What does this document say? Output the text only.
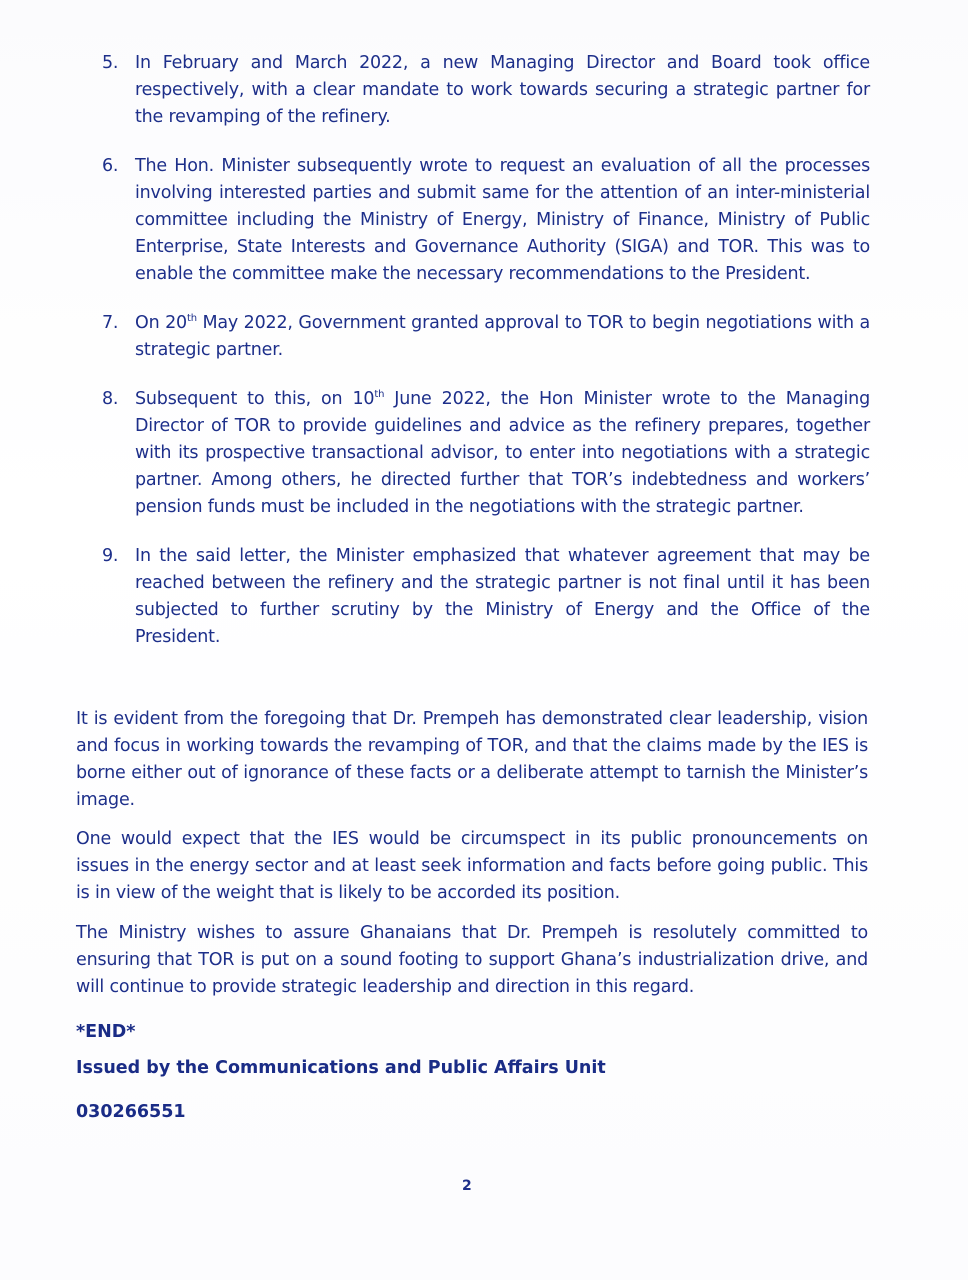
5. In February and March 2022, a new Managing Director and Board took office respectively, with a clear mandate to work towards securing a strategic partner for the revamping of the refinery.
6. The Hon. Minister subsequently wrote to request an evaluation of all the processes involving interested parties and submit same for the attention of an inter-ministerial committee including the Ministry of Energy, Ministry of Finance, Ministry of Public Enterprise, State Interests and Governance Authority (SIGA) and TOR. This was to enable the committee make the necessary recommendations to the President.
7. On 20th May 2022, Government granted approval to TOR to begin negotiations with a strategic partner.
8. Subsequent to this, on 10th June 2022, the Hon Minister wrote to the Managing Director of TOR to provide guidelines and advice as the refinery prepares, together with its prospective transactional advisor, to enter into negotiations with a strategic partner. Among others, he directed further that TOR’s indebtedness and workers’ pension funds must be included in the negotiations with the strategic partner.
9. In the said letter, the Minister emphasized that whatever agreement that may be reached between the refinery and the strategic partner is not final until it has been subjected to further scrutiny by the Ministry of Energy and the Office of the President.

It is evident from the foregoing that Dr. Prempeh has demonstrated clear leadership, vision and focus in working towards the revamping of TOR, and that the claims made by the IES is borne either out of ignorance of these facts or a deliberate attempt to tarnish the Minister’s image.

One would expect that the IES would be circumspect in its public pronouncements on issues in the energy sector and at least seek information and facts before going public. This is in view of the weight that is likely to be accorded its position.

The Ministry wishes to assure Ghanaians that Dr. Prempeh is resolutely committed to ensuring that TOR is put on a sound footing to support Ghana’s industrialization drive, and will continue to provide strategic leadership and direction in this regard.

*END*

Issued by the Communications and Public Affairs Unit

030266551

2
